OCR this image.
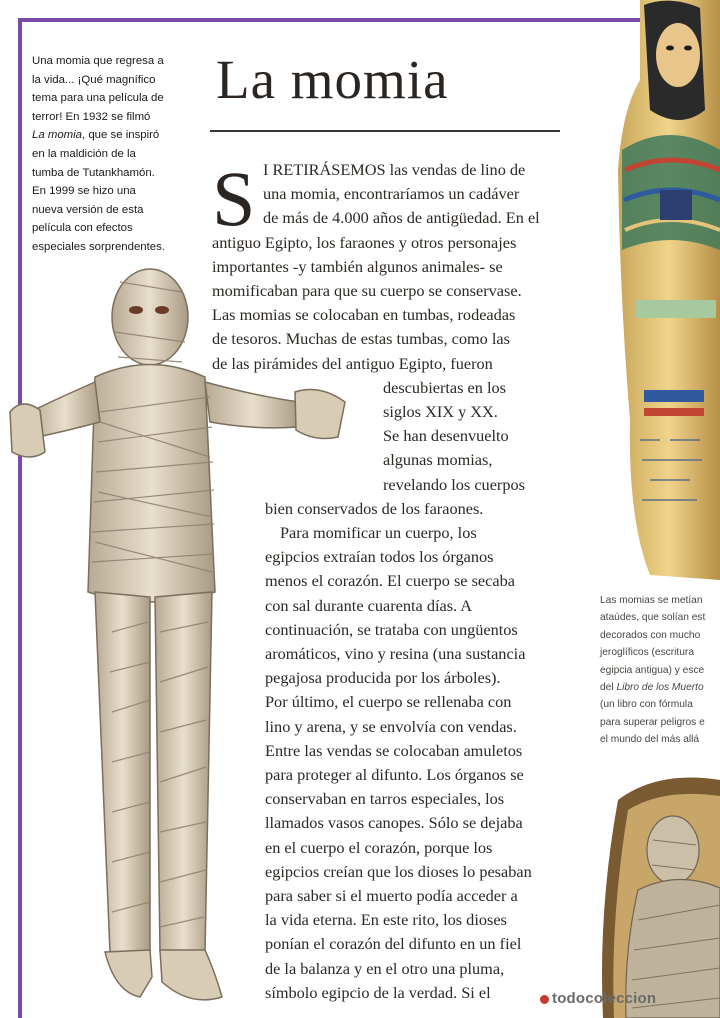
Una momia que regresa a
la vida... ¡Qué magnífico
tema para una película de
terror! En 1932 se filmó
La momia, que se inspiró
en la maldición de la
tumba de Tutankhamón.
En 1999 se hizo una
nueva versión de esta
película con efectos
especiales sorprendentes.
La momia
S I RETIRÁSEMOS las vendas de lino de
una momia, encontraríamos un cadáver
de más de 4.000 años de antigüedad. En el
antiguo Egipto, los faraones y otros personajes
importantes -y también algunos animales- se
momificaban para que su cuerpo se conservase.
Las momias se colocaban en tumbas, rodeadas
de tesoros. Muchas de estas tumbas, como las
de las pirámides del antiguo Egipto, fueron
descubiertas en los
siglos XIX y XX.
Se han desenvuelto
algunas momias,
revelando los cuerpos
bien conservados de los faraones.
Para momificar un cuerpo, los
egipcios extraían todos los órganos
menos el corazón. El cuerpo se secaba
con sal durante cuarenta días. A
continuación, se trataba con ungüentos
aromáticos, vino y resina (una sustancia
pegajosa producida por los árboles).
Por último, el cuerpo se rellenaba con
lino y arena, y se envolvía con vendas.
Entre las vendas se colocaban amuletos
para proteger al difunto. Los órganos se
conservaban en tarros especiales, los
llamados vasos canopes. Sólo se dejaba
en el cuerpo el corazón, porque los
egipcios creían que los dioses lo pesaban
para saber si el muerto podía acceder a
la vida eterna. En este rito, los dioses
ponían el corazón del difunto en un fiel
de la balanza y en el otro una pluma,
símbolo egipcio de la verdad. Si el
Las momias se metían
ataúdes, que solían est
decorados con mucho
jeroglíficos (escritura
egipcia antigua) y esce
del Libro de los Muerto
(un libro con fórmula
para superar peligros e
el mundo del más allá
todocoleccion
